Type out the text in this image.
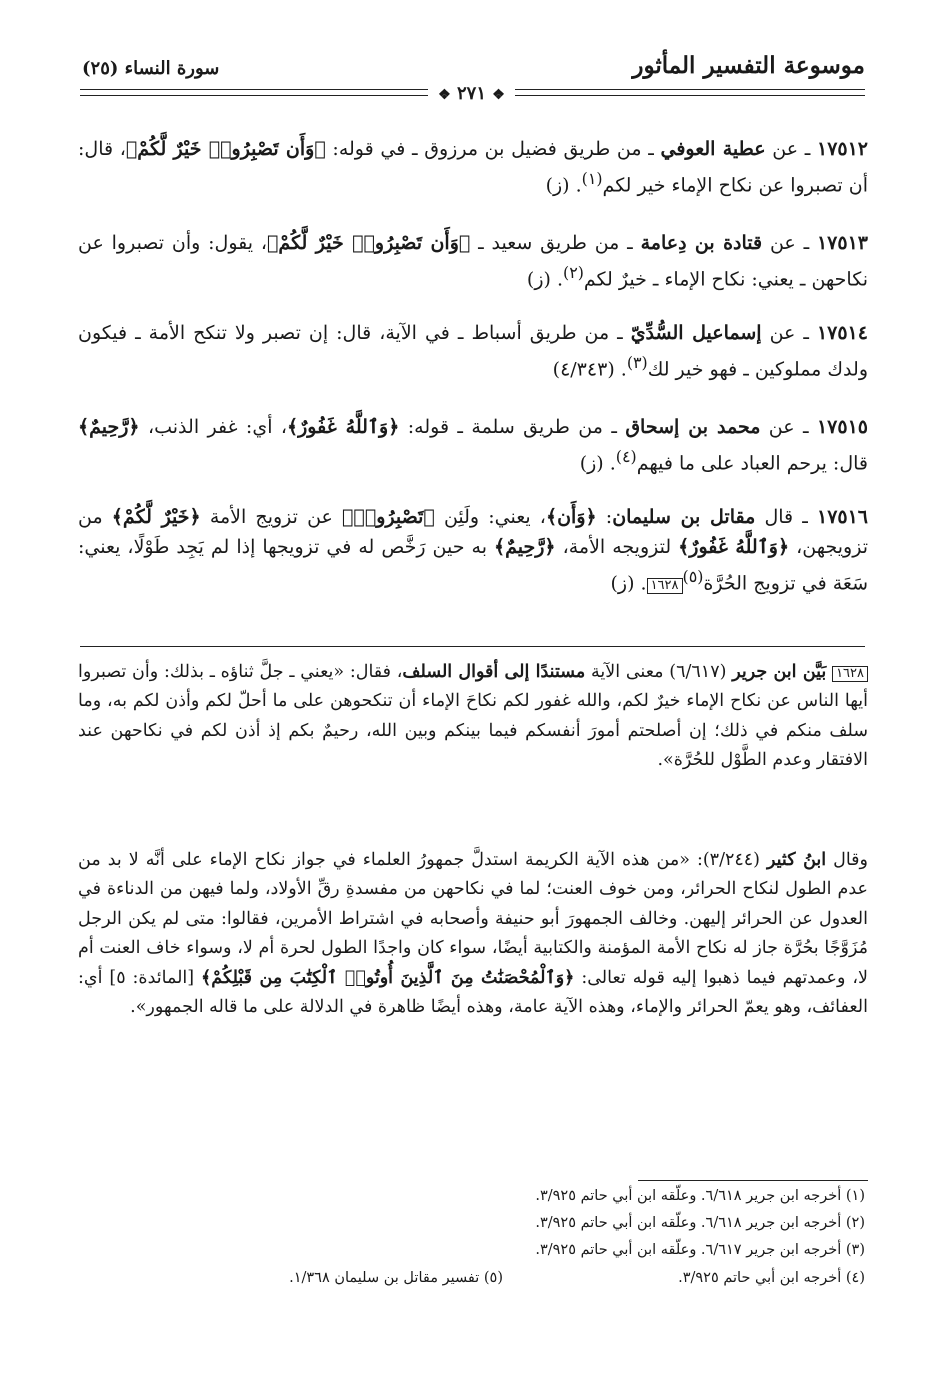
موسوعة التفسير المأثور
سورة النساء (٢٥)
❖ ٢٧١ ❖
١٧٥١٢ ـ عن عطية العوفي ـ من طريق فضيل بن مرزوق ـ في قوله: ﴿وَأَن تَصْبِرُوا۟ خَيْرٌ لَّكُمْ﴾، قال: أن تصبروا عن نكاح الإماء خير لكم$^{(١)}$. (ز)
١٧٥١٣ ـ عن قتادة بن دِعامة ـ من طريق سعيد ـ ﴿وَأَن تَصْبِرُوا۟ خَيْرٌ لَّكُمْ﴾، يقول: وأن تصبروا عن نكاحهن ـ يعني: نكاح الإماء ـ خيرٌ لكم$^{(٢)}$. (ز)
١٧٥١٤ ـ عن إسماعيل السُّدِّيّ ـ من طريق أسباط ـ في الآية، قال: إن تصبر ولا تنكح الأمة ـ فيكون ولدك مملوكين ـ فهو خير لك$^{(٣)}$. (٤/٣٤٣)
١٧٥١٥ ـ عن محمد بن إسحاق ـ من طريق سلمة ـ قوله: ﴿وَٱللَّهُ غَفُورٌ﴾، أي: غفر الذنب، ﴿رَّحِيمٌ﴾ قال: يرحم العباد على ما فيهم$^{(٤)}$. (ز)
١٧٥١٦ ـ قال مقاتل بن سليمان: ﴿وَأَن﴾، يعني: ولَئِن ﴿تَصْبِرُوا۟﴾ عن تزويج الأمة ﴿خَيْرٌ لَّكُمْ﴾ من تزويجهن، ﴿وَٱللَّهُ غَفُورٌ﴾ لتزويجه الأمة، ﴿رَّحِيمٌ﴾ به حين رَخَّص له في تزويجها إذا لم يَجِد طَوْلًا، يعني: سَعَة في تزويج الحُرَّة$^{(٥)}$١٦٢٨. (ز)
١٦٢٨ بَيَّن ابن جرير (٦/٦١٧) معنى الآية مستندًا إلى أقوال السلف، فقال: «يعني ـ جلَّ ثناؤه ـ بذلك: وأن تصبروا أيها الناس عن نكاح الإماء خيرٌ لكم، والله غفور لكم نكاحَ الإماء أن تنكحوهن على ما أحلّ لكم وأذن لكم به، وما سلف منكم في ذلك؛ إن أصلحتم أمورَ أنفسكم فيما بينكم وبين الله، رحيمٌ بكم إذ أذن لكم في نكاحهن عند الافتقار وعدم الطَّوْل للحُرَّة».
وقال ابنُ كثير (٣/٢٤٤): «من هذه الآية الكريمة استدلَّ جمهورُ العلماء في جواز نكاح الإماء على أنَّه لا بد من عدم الطول لنكاح الحرائر، ومن خوف العنت؛ لما في نكاحهن من مفسدةِ رقِّ الأولاد، ولما فيهن من الدناءة في العدول عن الحرائر إليهن. وخالف الجمهورَ أبو حنيفة وأصحابه في اشتراط الأمرين، فقالوا: متى لم يكن الرجل مُزَوَّجًا بحُرَّة جاز له نكاح الأمة المؤمنة والكتابية أيضًا، سواء كان واجدًا الطول لحرة أم لا، وسواء خاف العنت أم لا، وعمدتهم فيما ذهبوا إليه قوله تعالى: ﴿وَٱلْمُحْصَنَٰتُ مِنَ ٱلَّذِينَ أُوتُوا۟ ٱلْكِتَٰبَ مِن قَبْلِكُمْ﴾ [المائدة: ٥] أي: العفائف، وهو يعمّ الحرائر والإماء، وهذه الآية عامة، وهذه أيضًا ظاهرة في الدلالة على ما قاله الجمهور».
(١) أخرجه ابن جرير ٦/٦١٨. وعلّقه ابن أبي حاتم ٣/٩٢٥.
(٢) أخرجه ابن جرير ٦/٦١٨. وعلّقه ابن أبي حاتم ٣/٩٢٥.
(٣) أخرجه ابن جرير ٦/٦١٧. وعلّقه ابن أبي حاتم ٣/٩٢٥.
(٤) أخرجه ابن أبي حاتم ٣/٩٢٥.
(٥) تفسير مقاتل بن سليمان ١/٣٦٨.
